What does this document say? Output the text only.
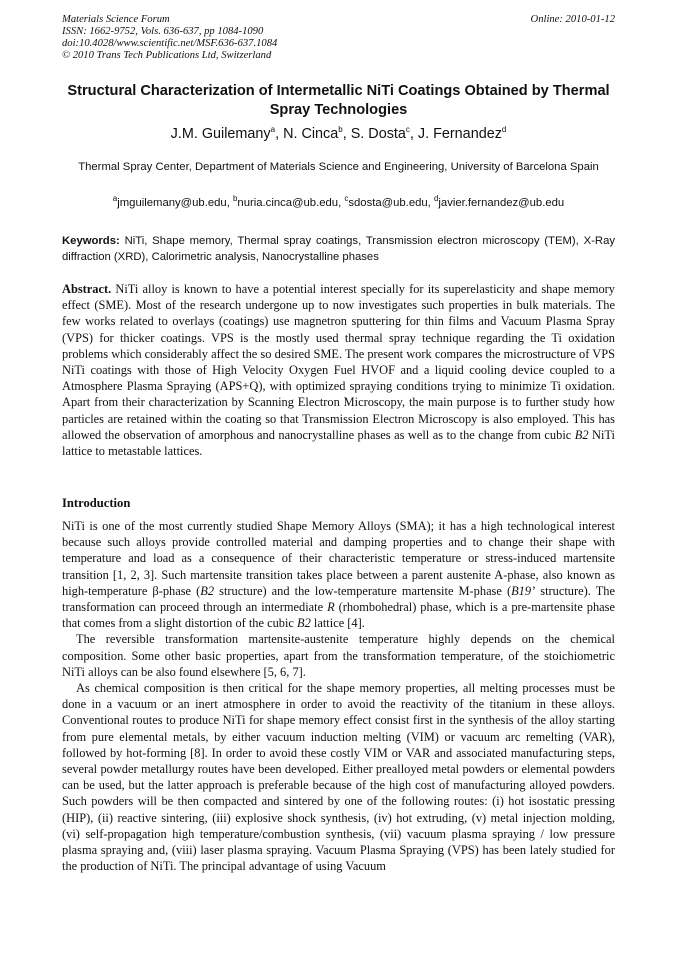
Materials Science Forum
ISSN: 1662-9752, Vols. 636-637, pp 1084-1090
doi:10.4028/www.scientific.net/MSF.636-637.1084
© 2010 Trans Tech Publications Ltd, Switzerland
Online: 2010-01-12
Structural Characterization of Intermetallic NiTi Coatings Obtained by Thermal Spray Technologies
J.M. Guilemany$^a$, N. Cinca$^b$, S. Dosta$^c$, J. Fernandez$^d$
Thermal Spray Center, Department of Materials Science and Engineering, University of Barcelona Spain
$^a$jmguilemany@ub.edu, $^b$nuria.cinca@ub.edu, $^c$sdosta@ub.edu, $^d$javier.fernandez@ub.edu
Keywords: NiTi, Shape memory, Thermal spray coatings, Transmission electron microscopy (TEM), X-Ray diffraction (XRD), Calorimetric analysis, Nanocrystalline phases

Abstract. NiTi alloy is known to have a potential interest specially for its superelasticity and shape memory effect (SME). Most of the research undergone up to now investigates such properties in bulk materials. The few works related to overlays (coatings) use magnetron sputtering for thin films and Vacuum Plasma Spray (VPS) for thicker coatings. VPS is the mostly used thermal spray technique regarding the Ti oxidation problems which considerably affect the so desired SME. The present work compares the microstructure of VPS NiTi coatings with those of High Velocity Oxygen Fuel HVOF and a liquid cooling device coupled to a Atmosphere Plasma Spraying (APS+Q), with optimized spraying conditions trying to minimize Ti oxidation. Apart from their characterization by Scanning Electron Microscopy, the main purpose is to further study how particles are retained within the coating so that Transmission Electron Microscopy is also employed. This has allowed the observation of amorphous and nanocrystalline phases as well as to the change from cubic B2 NiTi lattice to metastable lattices.

Introduction

NiTi is one of the most currently studied Shape Memory Alloys (SMA); it has a high technological interest because such alloys provide controlled material and damping properties and to change their shape with temperature and load as a consequence of their characteristic temperature or stress-induced martensite transition [1, 2, 3]. Such martensite transition takes place between a parent austenite A-phase, also known as high-temperature β-phase (B2 structure) and the low-temperature martensite M-phase (B19’ structure). The transformation can proceed through an intermediate R (rhombohedral) phase, which is a pre-martensite phase that comes from a slight distortion of the cubic B2 lattice [4].

The reversible transformation martensite-austenite temperature highly depends on the chemical composition. Some other basic properties, apart from the transformation temperature, of the stoichiometric NiTi alloys can be also found elsewhere [5, 6, 7].

As chemical composition is then critical for the shape memory properties, all melting processes must be done in a vacuum or an inert atmosphere in order to avoid the reactivity of the titanium in these alloys. Conventional routes to produce NiTi for shape memory effect consist first in the synthesis of the alloy starting from pure elemental metals, by either vacuum induction melting (VIM) or vacuum arc remelting (VAR), followed by hot-forming [8]. In order to avoid these costly VIM or VAR and associated manufacturing steps, several powder metallurgy routes have been developed. Either prealloyed metal powders or elemental powders can be used, but the latter approach is preferable because of the high cost of manufacturing alloyed powders. Such powders will be then compacted and sintered by one of the following routes: (i) hot isostatic pressing (HIP), (ii) reactive sintering, (iii) explosive shock synthesis, (iv) hot extruding, (v) metal injection molding, (vi) self-propagation high temperature/combustion synthesis, (vii) vacuum plasma spraying / low pressure plasma spraying and, (viii) laser plasma spraying. Vacuum Plasma Spraying (VPS) has been lately studied for the production of NiTi. The principal advantage of using Vacuum
